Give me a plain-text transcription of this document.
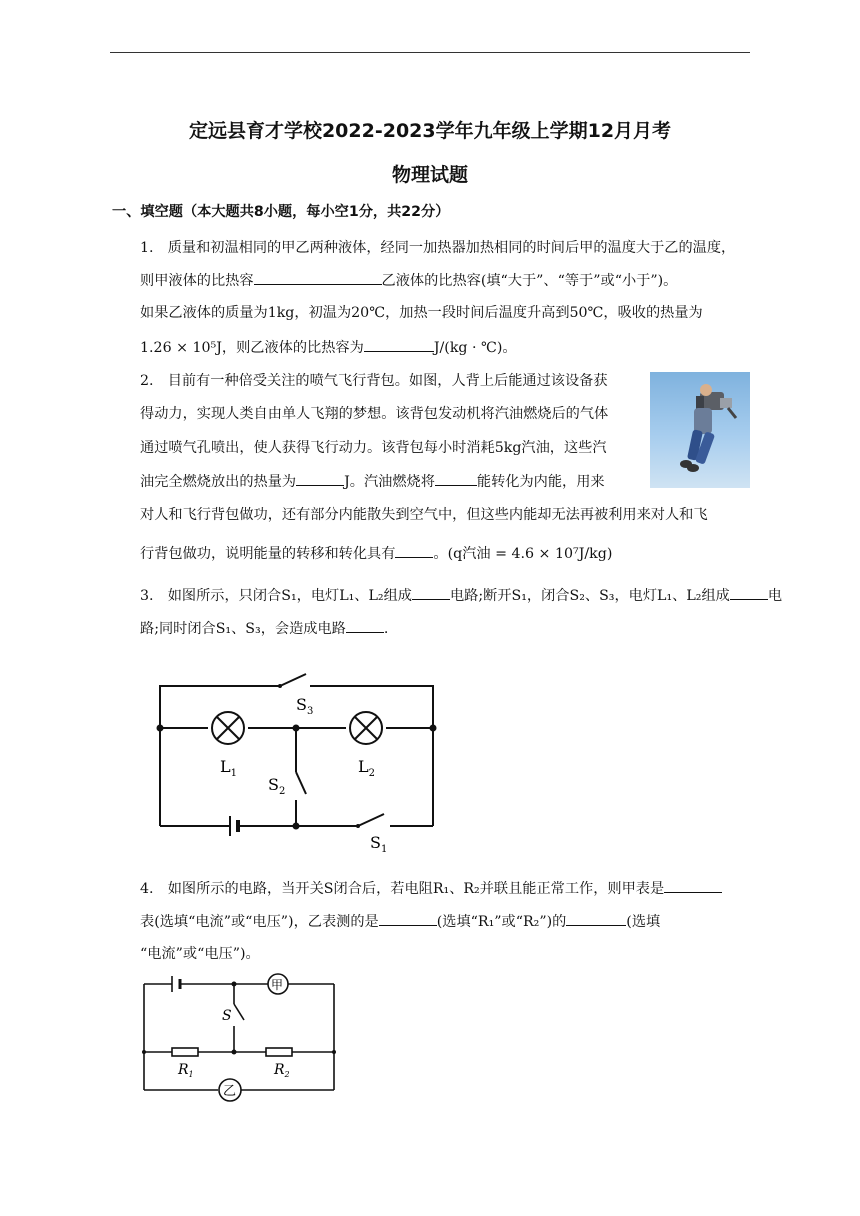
定远县育才学校2022-2023学年九年级上学期12月月考
物理试题
一、填空题（本大题共8小题，每小空1分，共22分）
1.　质量和初温相同的甲乙两种液体，经同一加热器加热相同的时间后甲的温度大于乙的温度，
则甲液体的比热容	乙液体的比热容(填“大于”、“等于”或“小于”)。
如果乙液体的质量为1kg，初温为20℃，加热一段时间后温度升高到50℃，吸收的热量为
1.26 × 10⁵J，则乙液体的比热容为	J/(kg · ℃)。
2.　目前有一种倍受关注的喷气飞行背包。如图，人背上后能通过该设备获
得动力，实现人类自由单人飞翔的梦想。该背包发动机将汽油燃烧后的气体
通过喷气孔喷出，使人获得飞行动力。该背包每小时消耗5kg汽油，这些汽
油完全燃烧放出的热量为	J。汽油燃烧将	能转化为内能，用来
对人和飞行背包做功，还有部分内能散失到空气中，但这些内能却无法再被利用来对人和飞
行背包做功，说明能量的转移和转化具有	。(q汽油 = 4.6 × 10⁷J/kg)
3.　如图所示，只闭合S₁，电灯L₁、L₂组成	电路;断开S₁，闭合S₂、S₃，电灯L₁、L₂组成	电
路;同时闭合S₁、S₃，会造成电路	.
$S_3$
$L_1$	$L_2$
$S_2$
$S_1$
4.　如图所示的电路，当开关S闭合后，若电阻R₁、R₂并联且能正常工作，则甲表是
表(选填“电流”或“电压”)，乙表测的是	(选填“R₁”或“R₂”)的	(选填
“电流”或“电压”)。
甲
S
$R_1$	$R_2$
乙
